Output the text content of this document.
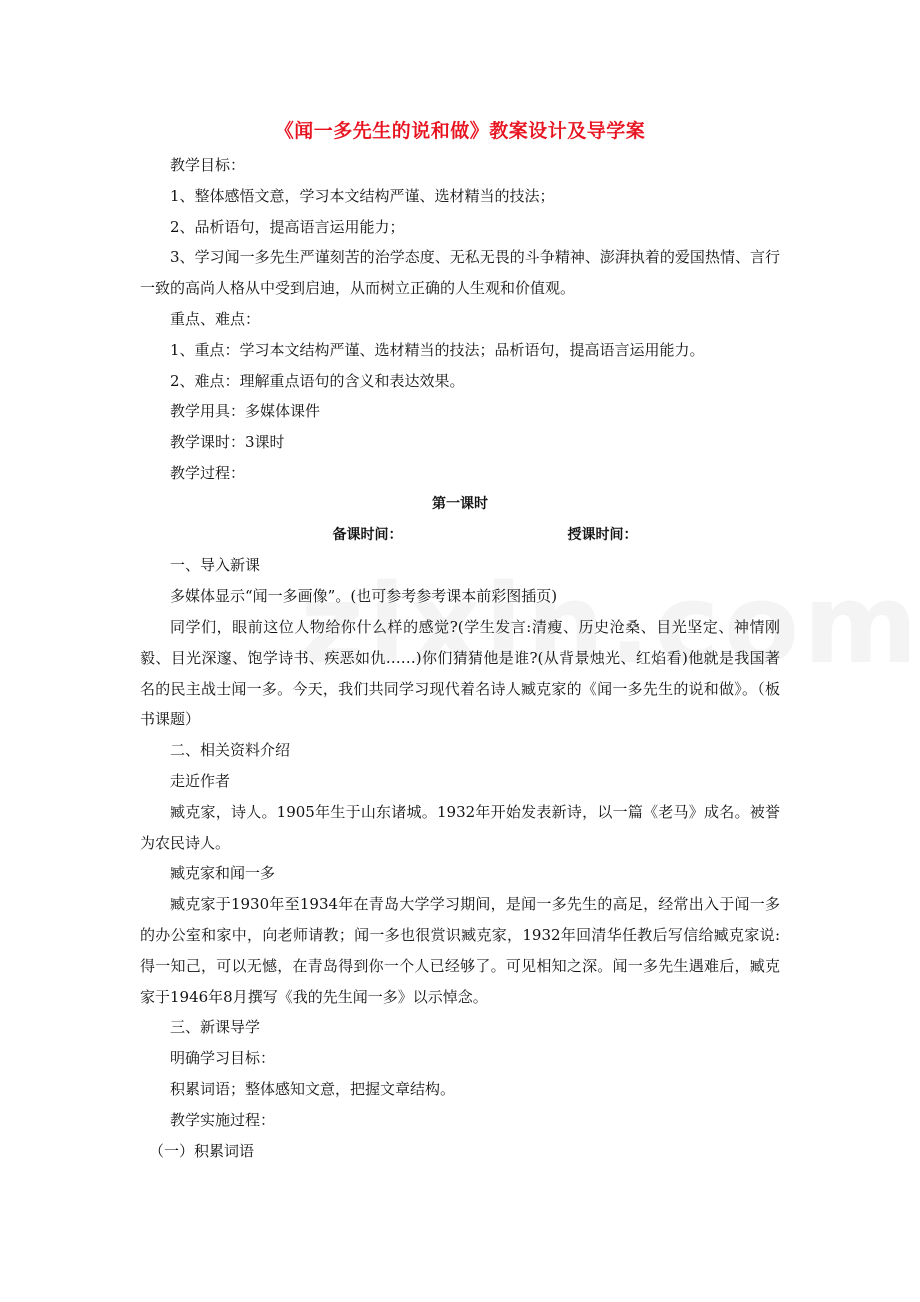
《闻一多先生的说和做》教案设计及导学案

教学目标：

1、整体感悟文意，学习本文结构严谨、选材精当的技法；

2、品析语句，提高语言运用能力；

3、学习闻一多先生严谨刻苦的治学态度、无私无畏的斗争精神、澎湃执着的爱国热情、言行一致的高尚人格从中受到启迪，从而树立正确的人生观和价值观。

重点、难点：

1、重点：学习本文结构严谨、选材精当的技法；品析语句，提高语言运用能力。

2、难点：理解重点语句的含义和表达效果。

教学用具：多媒体课件

教学课时：3课时

教学过程：

第一课时

备课时间：	授课时间：

一、导入新课

多媒体显示“闻一多画像”。(也可参考参考课本前彩图插页)

同学们，眼前这位人物给你什么样的感觉?(学生发言:清瘦、历史沧桑、目光坚定、神情刚毅、目光深邃、饱学诗书、疾恶如仇……)你们猜猜他是谁?(从背景烛光、红焰看)他就是我国著名的民主战士闻一多。今天，我们共同学习现代着名诗人臧克家的《闻一多先生的说和做》。（板书课题）

二、相关资料介绍

走近作者

臧克家，诗人。1905年生于山东诸城。1932年开始发表新诗，以一篇《老马》成名。被誉为农民诗人。

臧克家和闻一多

臧克家于1930年至1934年在青岛大学学习期间，是闻一多先生的高足，经常出入于闻一多的办公室和家中，向老师请教；闻一多也很赏识臧克家，1932年回清华任教后写信给臧克家说:得一知己，可以无憾，在青岛得到你一个人已经够了。可见相知之深。闻一多先生遇难后，臧克家于1946年8月撰写《我的先生闻一多》以示悼念。

三、新课导学

明确学习目标：

积累词语；整体感知文意，把握文章结构。

教学实施过程：

（一）积累词语
